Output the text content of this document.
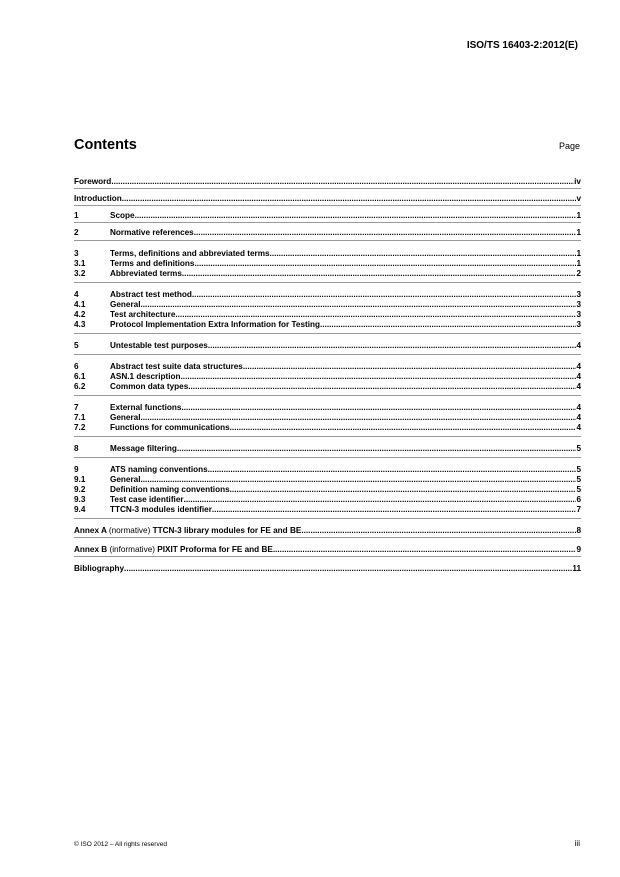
ISO/TS 16403-2:2012(E)
Contents	Page
Foreword .....	iv
Introduction .....	v
1	Scope .....	1
2	Normative references .....	1
3	Terms, definitions and abbreviated terms .....	1
3.1	Terms and definitions .....	1
3.2	Abbreviated terms .....	2
4	Abstract test method .....	3
4.1	General .....	3
4.2	Test architecture .....	3
4.3	Protocol Implementation Extra Information for Testing .....	3
5	Untestable test purposes .....	4
6	Abstract test suite data structures .....	4
6.1	ASN.1 description .....	4
6.2	Common data types .....	4
7	External functions .....	4
7.1	General .....	4
7.2	Functions for communications .....	4
8	Message filtering .....	5
9	ATS naming conventions .....	5
9.1	General .....	5
9.2	Definition naming conventions .....	5
9.3	Test case identifier .....	6
9.4	TTCN-3 modules identifier .....	7
Annex A (normative) TTCN-3 library modules for FE and BE .....	8
Annex B (informative) PIXIT Proforma for FE and BE .....	9
Bibliography .....	11
© ISO 2012 – All rights reserved	iii
